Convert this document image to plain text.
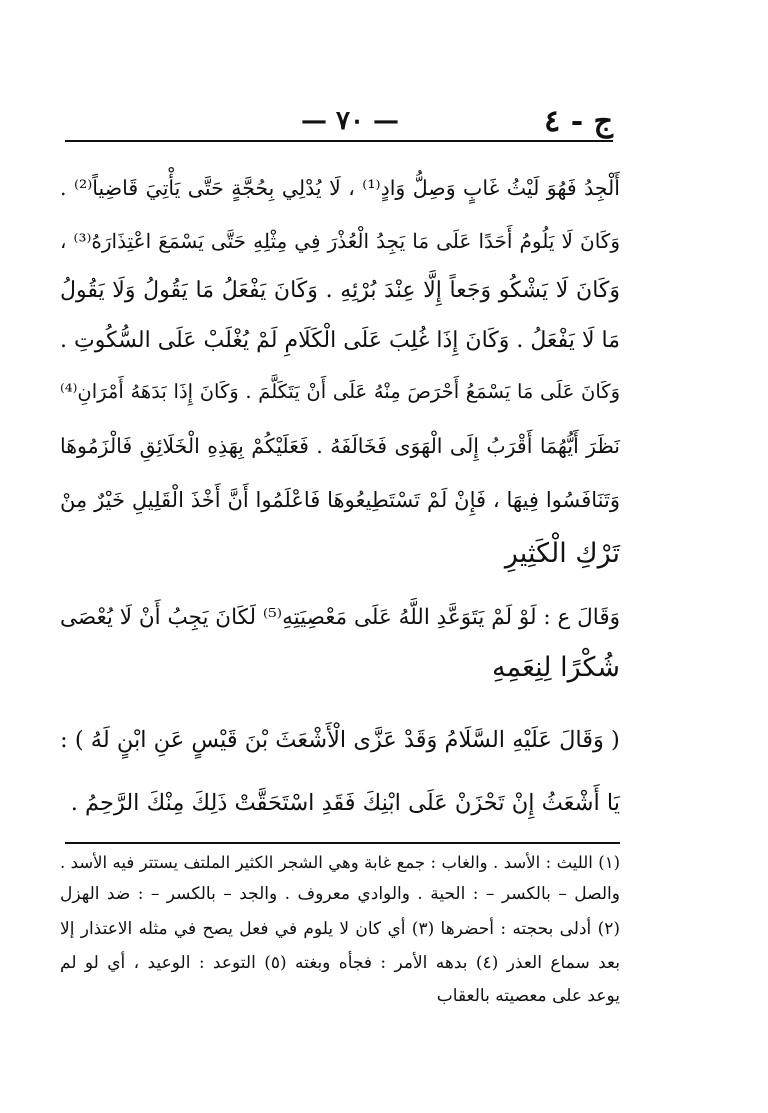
ج - ٤
— ٧٠ —
أَلْجِدُ فَهُوَ لَيْثُ غَابٍ وَصِلُّ وَادٍ⁽¹⁾ ، لَا يُدْلِي بِحُجَّةٍ حَتَّى يَأْتِيَ قَاضِياً⁽²⁾ .
وَكَانَ لَا يَلُومُ أَحَدًا عَلَى مَا يَجِدُ الْعُذْرَ فِي مِثْلِهِ حَتَّى يَسْمَعَ اعْتِذَارَهُ⁽³⁾ ،
وَكَانَ لَا يَشْكُو وَجَعاً إِلَّا عِنْدَ بُرْئِهِ . وَكَانَ يَفْعَلُ مَا يَقُولُ وَلَا يَقُولُ
مَا لَا يَفْعَلُ . وَكَانَ إِذَا غُلِبَ عَلَى الْكَلَامِ لَمْ يُغْلَبْ عَلَى السُّكُوتِ .
وَكَانَ عَلَى مَا يَسْمَعُ أَحْرَصَ مِنْهُ عَلَى أَنْ يَتَكَلَّمَ . وَكَانَ إِذَا بَدَهَهُ أَمْرَانِ⁽⁴⁾
نَظَرَ أَيُّهُمَا أَقْرَبُ إِلَى الْهَوَى فَخَالَفَهُ . فَعَلَيْكُمْ بِهَذِهِ الْخَلَائِقِ فَالْزَمُوهَا
وَتَنَافَسُوا فِيهَا ، فَإِنْ لَمْ تَسْتَطِيعُوهَا فَاعْلَمُوا أَنَّ أَخْذَ الْقَلِيلِ خَيْرٌ مِنْ
تَرْكِ الْكَثِيرِ
وَقَالَ ع : لَوْ لَمْ يَتَوَعَّدِ اللَّهُ عَلَى مَعْصِيَتِهِ⁽⁵⁾ لَكَانَ يَجِبُ أَنْ لَا يُعْصَى
شُكْرًا لِنِعَمِهِ
( وَقَالَ عَلَيْهِ السَّلَامُ وَقَدْ عَزَّى الْأَشْعَثَ بْنَ قَيْسٍ عَنِ ابْنٍ لَهُ ) :
يَا أَشْعَثُ إِنْ تَحْزَنْ عَلَى ابْنِكَ فَقَدِ اسْتَحَقَّتْ ذَلِكَ مِنْكَ الرَّحِمُ .
(١) الليث : الأسد . والغاب : جمع غابة وهي الشجر الكثير الملتف يستتر فيه الأسد .
والصل – بالكسر – : الحية . والوادي معروف . والجد – بالكسر – : ضد الهزل
(٢) أدلى بحجته : أحضرها (٣) أي كان لا يلوم في فعل يصح في مثله الاعتذار إلا
بعد سماع العذر (٤) بدهه الأمر : فجأه وبغته (٥) التوعد : الوعيد ، أي لو لم
يوعد على معصيته بالعقاب
